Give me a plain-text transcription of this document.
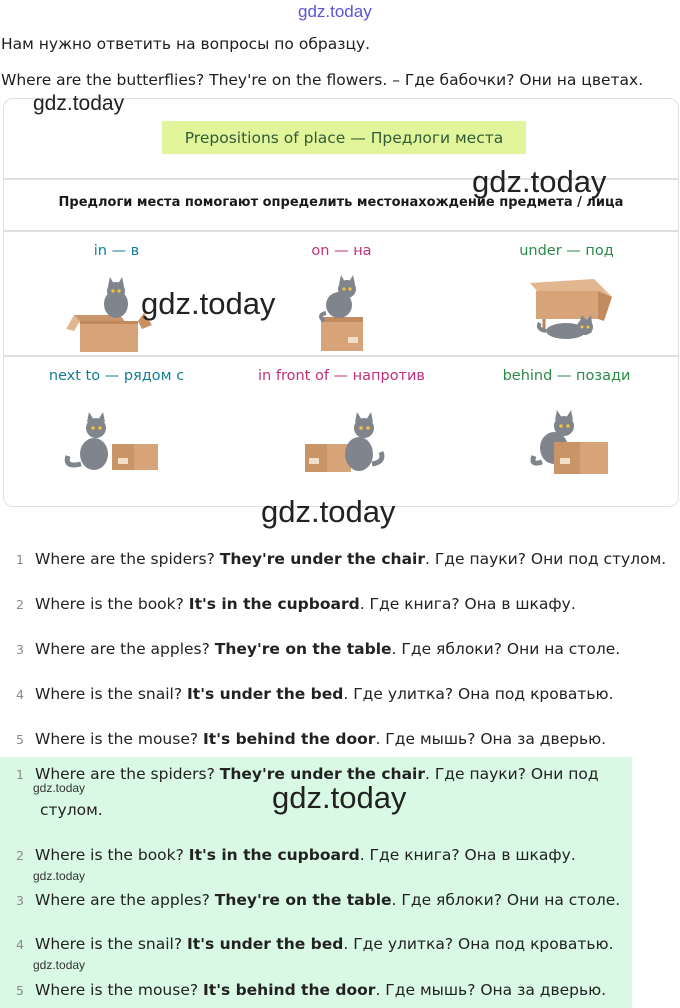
gdz.today
Нам нужно ответить на вопросы по образцу.
Where are the butterflies? They're on the flowers. – Где бабочки? Они на цветах.
Prepositions of place — Предлоги места
Предлоги места помогают определить местонахождение предмета / лица
in — в	on — на	under — под
next to — рядом с	in front of — напротив	behind — позади
gdz.today
gdz.today
gdz.today
gdz.today
1 Where are the spiders? They're under the chair. Где пауки? Они под стулом.
2 Where is the book? It's in the cupboard. Где книга? Она в шкафу.
3 Where are the apples? They're on the table. Где яблоки? Они на столе.
4 Where is the snail? It's under the bed. Где улитка? Она под кроватью.
5 Where is the mouse? It's behind the door. Где мышь? Она за дверью.
1 Where are the spiders? They're under the chair. Где пауки? Они под
стулом.
2 Where is the book? It's in the cupboard. Где книга? Она в шкафу.
3 Where are the apples? They're on the table. Где яблоки? Они на столе.
4 Where is the snail? It's under the bed. Где улитка? Она под кроватью.
5 Where is the mouse? It's behind the door. Где мышь? Она за дверью.
gdz.today	gdz.today
gdz.today
gdz.today
